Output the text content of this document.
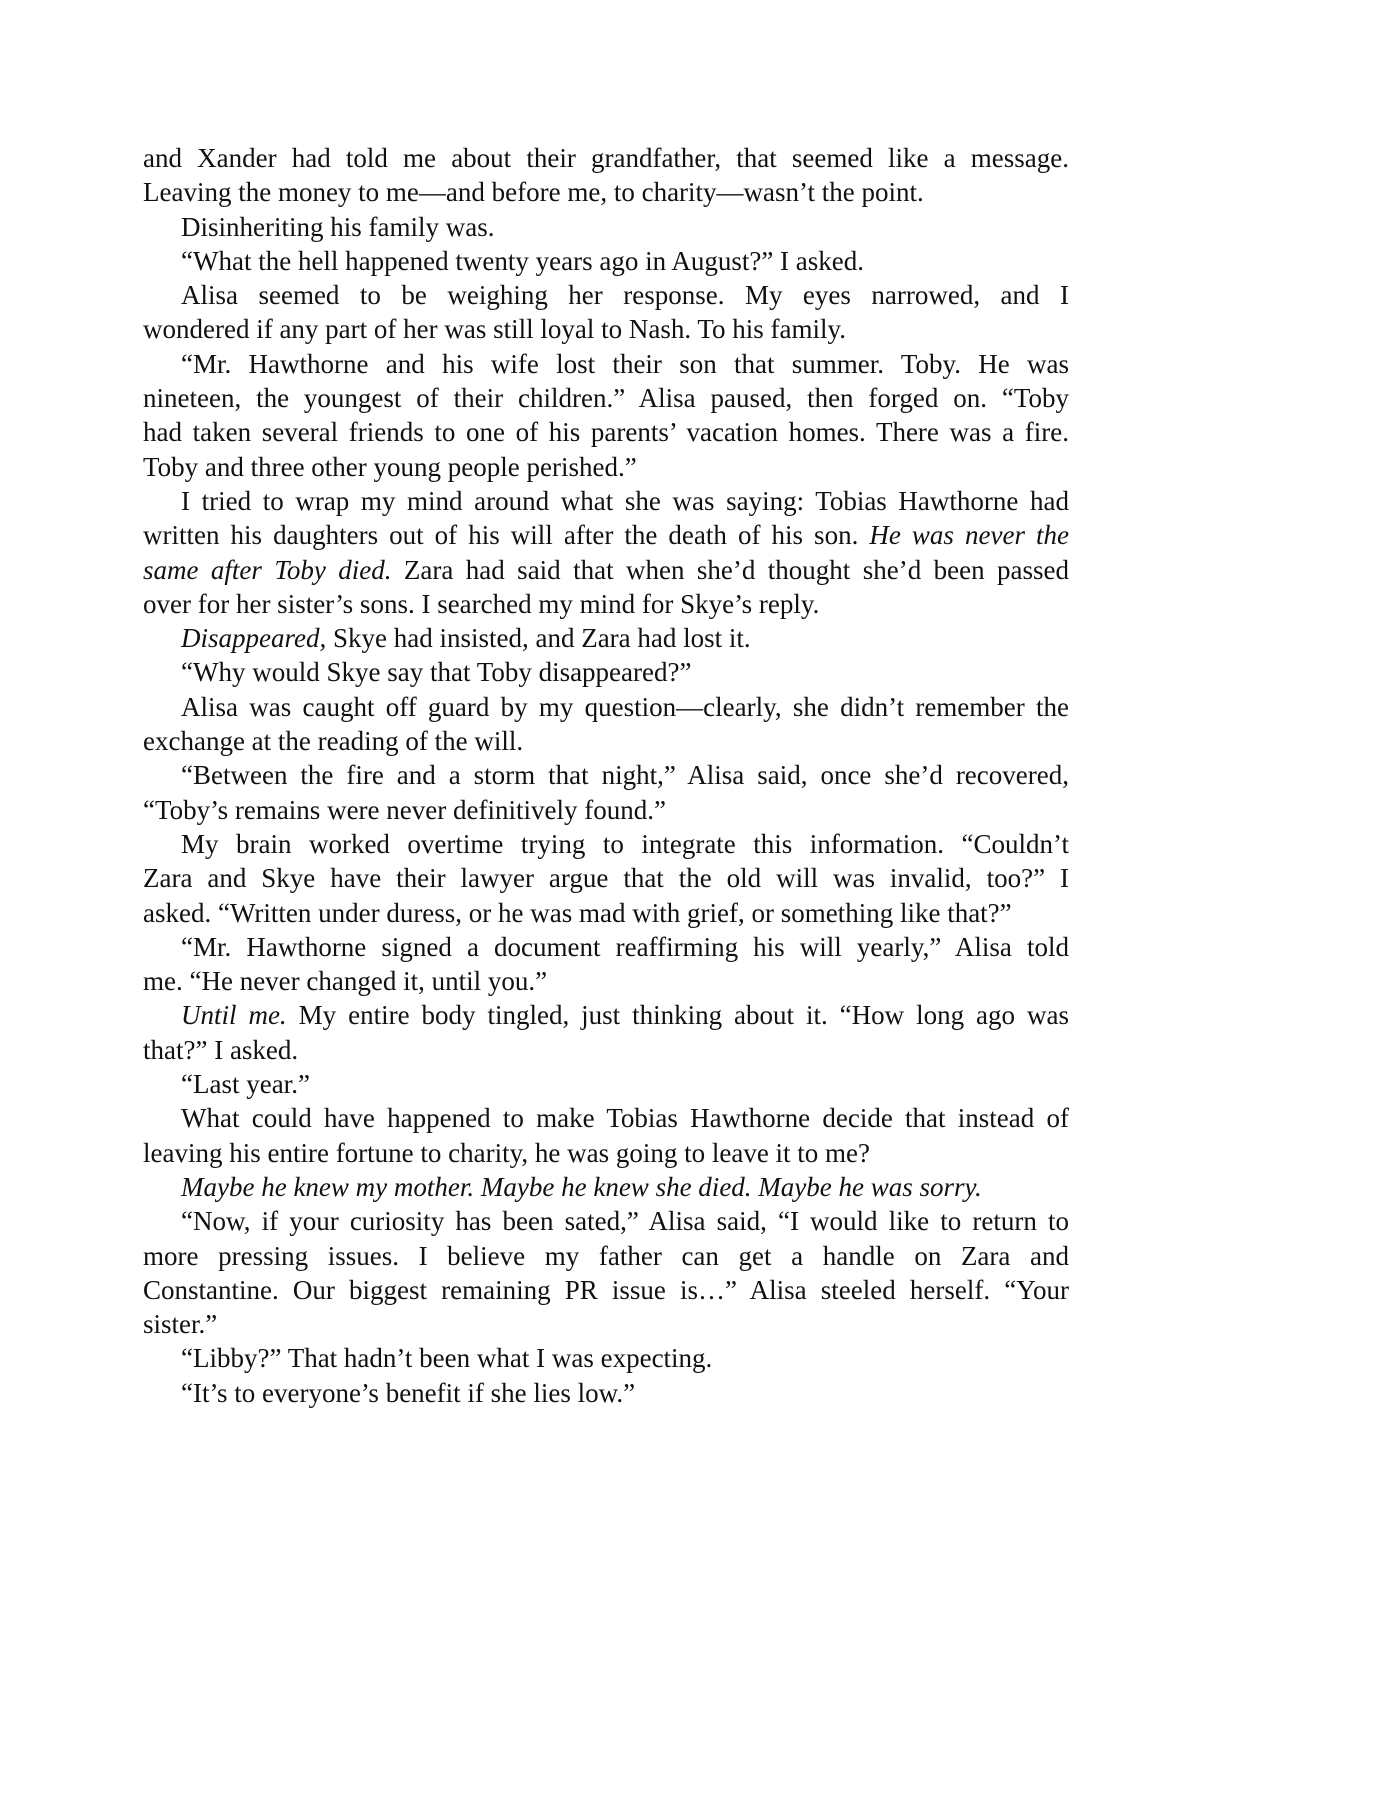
and Xander had told me about their grandfather, that seemed like a message.
Leaving the money to me—and before me, to charity—wasn’t the point.
Disinheriting his family was.
“What the hell happened twenty years ago in August?” I asked.
Alisa seemed to be weighing her response. My eyes narrowed, and I
wondered if any part of her was still loyal to Nash. To his family.
“Mr. Hawthorne and his wife lost their son that summer. Toby. He was
nineteen, the youngest of their children.” Alisa paused, then forged on. “Toby
had taken several friends to one of his parents’ vacation homes. There was a fire.
Toby and three other young people perished.”
I tried to wrap my mind around what she was saying: Tobias Hawthorne had
written his daughters out of his will after the death of his son. He was never the
same after Toby died. Zara had said that when she’d thought she’d been passed
over for her sister’s sons. I searched my mind for Skye’s reply.
Disappeared, Skye had insisted, and Zara had lost it.
“Why would Skye say that Toby disappeared?”
Alisa was caught off guard by my question—clearly, she didn’t remember the
exchange at the reading of the will.
“Between the fire and a storm that night,” Alisa said, once she’d recovered,
“Toby’s remains were never definitively found.”
My brain worked overtime trying to integrate this information. “Couldn’t
Zara and Skye have their lawyer argue that the old will was invalid, too?” I
asked. “Written under duress, or he was mad with grief, or something like that?”
“Mr. Hawthorne signed a document reaffirming his will yearly,” Alisa told
me. “He never changed it, until you.”
Until me. My entire body tingled, just thinking about it. “How long ago was
that?” I asked.
“Last year.”
What could have happened to make Tobias Hawthorne decide that instead of
leaving his entire fortune to charity, he was going to leave it to me?
Maybe he knew my mother. Maybe he knew she died. Maybe he was sorry.
“Now, if your curiosity has been sated,” Alisa said, “I would like to return to
more pressing issues. I believe my father can get a handle on Zara and
Constantine. Our biggest remaining PR issue is…” Alisa steeled herself. “Your
sister.”
“Libby?” That hadn’t been what I was expecting.
“It’s to everyone’s benefit if she lies low.”
